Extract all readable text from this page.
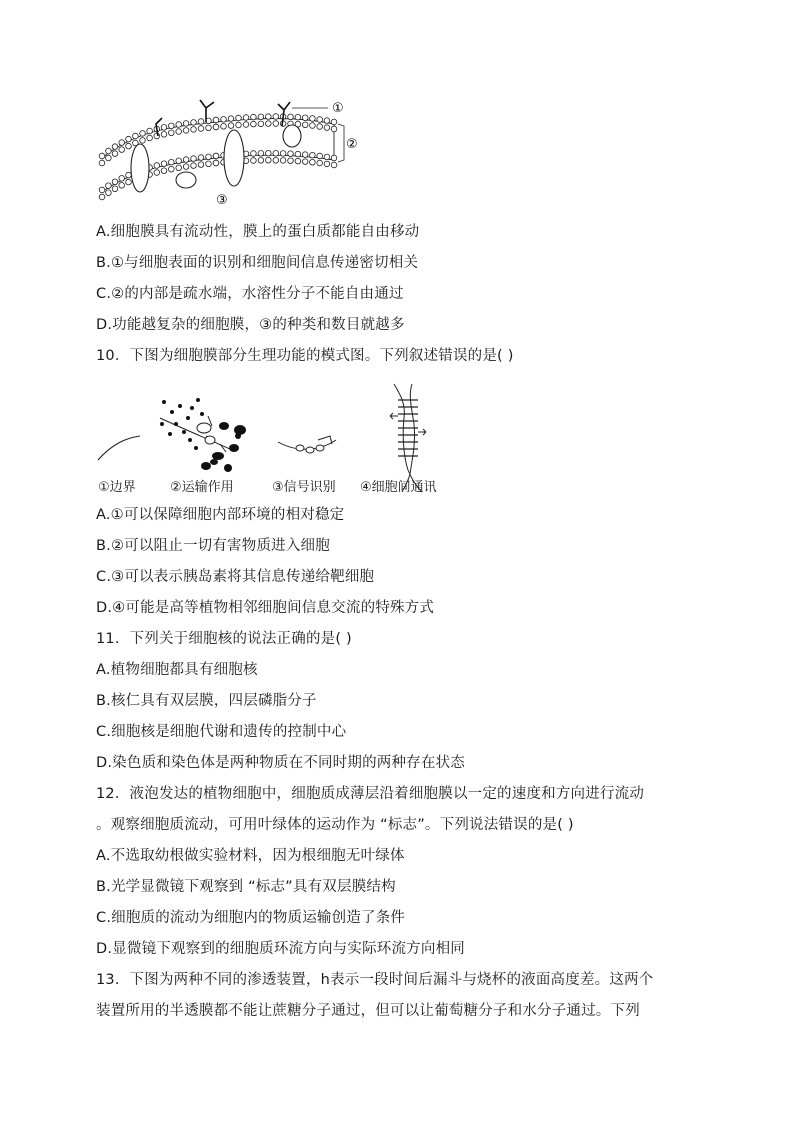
①
②
③
A.细胞膜具有流动性，膜上的蛋白质都能自由移动
B.①与细胞表面的识别和细胞间信息传递密切相关
C.②的内部是疏水端，水溶性分子不能自由通过
D.功能越复杂的细胞膜，③的种类和数目就越多
10．下图为细胞膜部分生理功能的模式图。下列叙述错误的是( )
①边界	②运输作用	③信号识别 ④细胞间通讯
A.①可以保障细胞内部环境的相对稳定
B.②可以阻止一切有害物质进入细胞
C.③可以表示胰岛素将其信息传递给靶细胞
D.④可能是高等植物相邻细胞间信息交流的特殊方式
11．下列关于细胞核的说法正确的是( )
A.植物细胞都具有细胞核
B.核仁具有双层膜，四层磷脂分子
C.细胞核是细胞代谢和遗传的控制中心
D.染色质和染色体是两种物质在不同时期的两种存在状态
12．液泡发达的植物细胞中，细胞质成薄层沿着细胞膜以一定的速度和方向进行流动
。观察细胞质流动，可用叶绿体的运动作为 “标志”。下列说法错误的是( )
A.不选取幼根做实验材料，因为根细胞无叶绿体
B.光学显微镜下观察到 “标志”具有双层膜结构
C.细胞质的流动为细胞内的物质运输创造了条件
D.显微镜下观察到的细胞质环流方向与实际环流方向相同
13．下图为两种不同的渗透装置，h表示一段时间后漏斗与烧杯的液面高度差。这两个
装置所用的半透膜都不能让蔗糖分子通过，但可以让葡萄糖分子和水分子通过。下列
